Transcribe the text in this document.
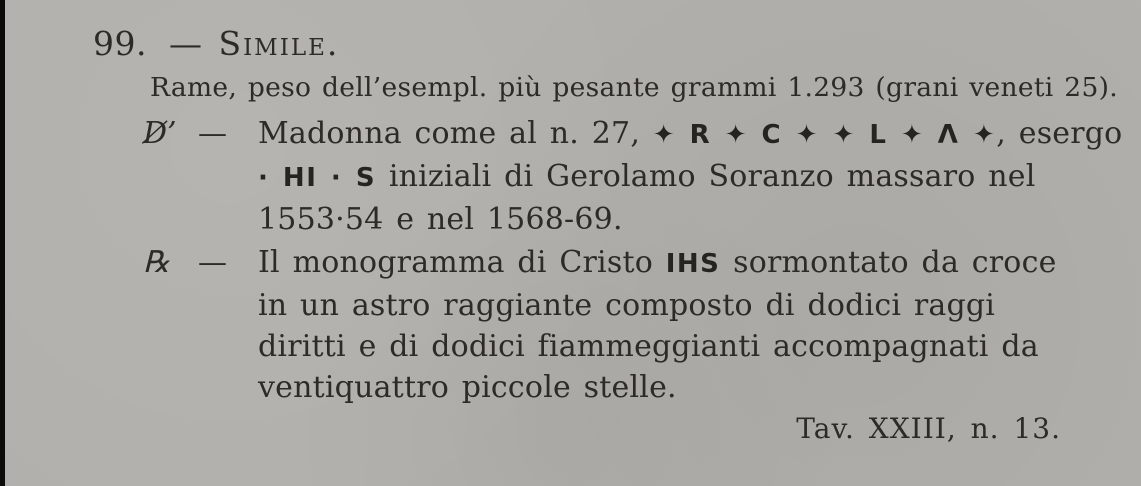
99. — Simile.
Rame, peso dell’esempl. più pesante grammi 1.293 (grani veneti 25).
D̸’ —	Madonna come al n. 27, ✦ R ✦ C ✦ ✦ L ✦ Λ ✦, esergo
· HI · S iniziali di Gerolamo Soranzo massaro nel
1553·54 e nel 1568-69.
℞ —	Il monogramma di Cristo IHS sormontato da croce
in un astro raggiante composto di dodici raggi
diritti e di dodici fiammeggianti accompagnati da
ventiquattro piccole stelle.
Tav. XXIII, n. 13.
